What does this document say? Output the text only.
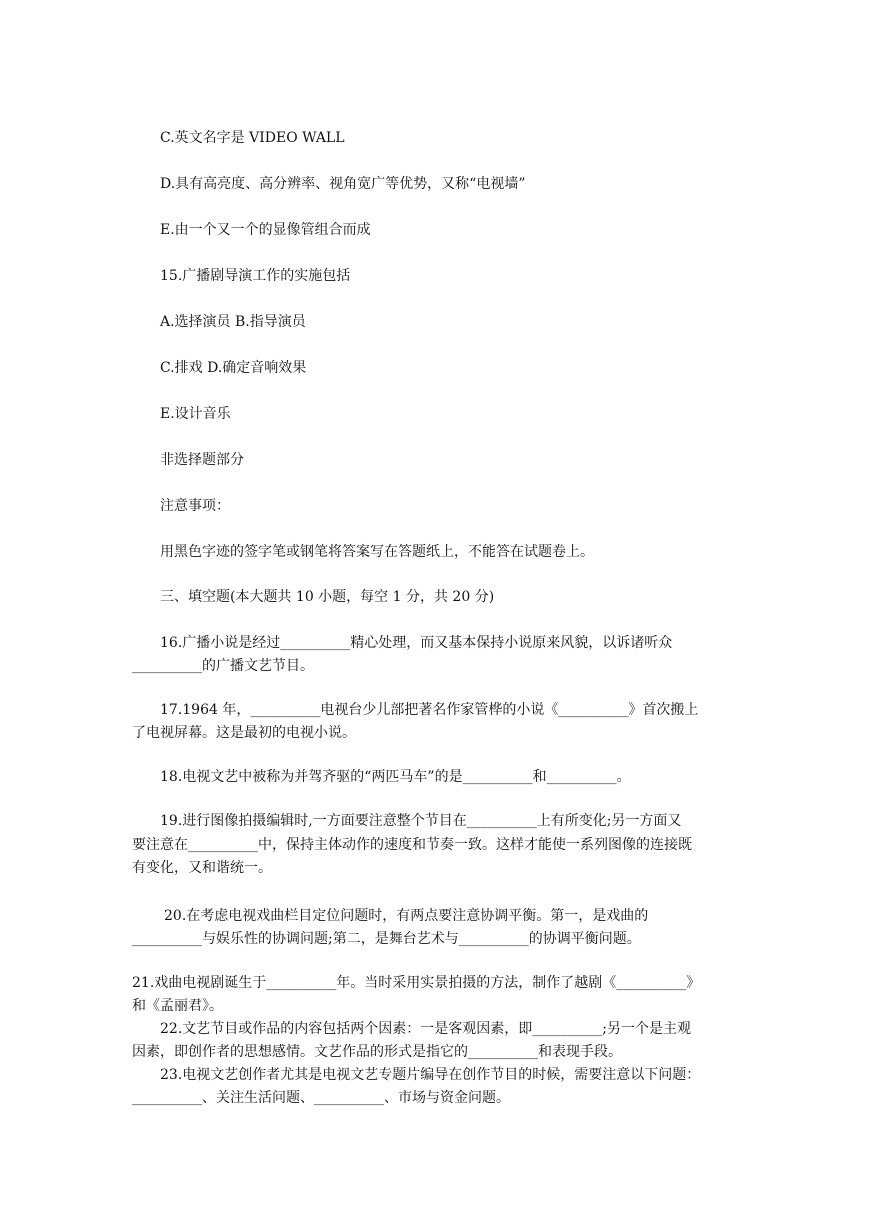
C.英文名字是 VIDEO WALL
D.具有高亮度、高分辨率、视角宽广等优势，又称“电视墙”
E.由一个又一个的显像管组合而成
15.广播剧导演工作的实施包括
A.选择演员 B.指导演员
C.排戏 D.确定音响效果
E.设计音乐
非选择题部分
注意事项：
用黑色字迹的签字笔或钢笔将答案写在答题纸上，不能答在试题卷上。
三、填空题(本大题共 10 小题，每空 1 分，共 20 分)
16.广播小说是经过__________精心处理，而又基本保持小说原来风貌，以诉诸听众
__________的广播文艺节目。
17.1964 年，__________电视台少儿部把著名作家管桦的小说《__________》首次搬上
了电视屏幕。这是最初的电视小说。
18.电视文艺中被称为并驾齐驱的“两匹马车”的是__________和__________。
19.进行图像拍摄编辑时,一方面要注意整个节目在__________上有所变化;另一方面又
要注意在__________中，保持主体动作的速度和节奏一致。这样才能使一系列图像的连接既
有变化，又和谐统一。
20.在考虑电视戏曲栏目定位问题时，有两点要注意协调平衡。第一，是戏曲的
__________与娱乐性的协调问题;第二，是舞台艺术与__________的协调平衡问题。
21.戏曲电视剧诞生于__________年。当时采用实景拍摄的方法，制作了越剧《__________》
和《孟丽君》。
22.文艺节目或作品的内容包括两个因素：一是客观因素，即__________;另一个是主观
因素，即创作者的思想感情。文艺作品的形式是指它的__________和表现手段。
23.电视文艺创作者尤其是电视文艺专题片编导在创作节目的时候，需要注意以下问题：
__________、关注生活问题、__________、市场与资金问题。
